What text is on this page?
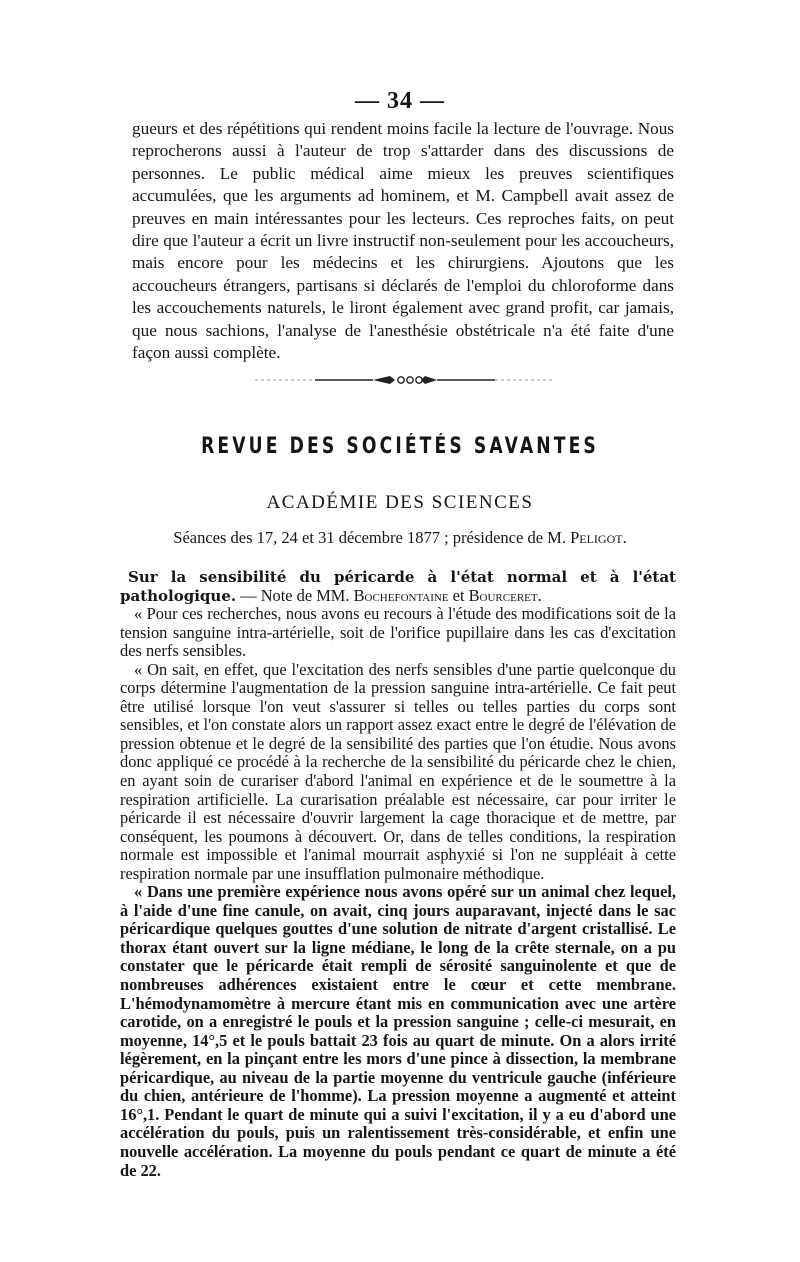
— 34 —

gueurs et des répétitions qui rendent moins facile la lecture de l'ouvrage. Nous reprocherons aussi à l'auteur de trop s'attarder dans des discussions de personnes. Le public médical aime mieux les preuves scientifiques accumulées, que les arguments ad hominem, et M. Campbell avait assez de preuves en main intéressantes pour les lecteurs. Ces reproches faits, on peut dire que l'auteur a écrit un livre instructif non-seulement pour les accoucheurs, mais encore pour les médecins et les chirurgiens. Ajoutons que les accoucheurs étrangers, partisans si déclarés de l'emploi du chloroforme dans les accouchements naturels, le liront également avec grand profit, car jamais, que nous sachions, l'analyse de l'anesthésie obstétricale n'a été faite d'une façon aussi complète.

REVUE DES SOCIÉTÉS SAVANTES
ACADÉMIE DES SCIENCES
Séances des 17, 24 et 31 décembre 1877 ; présidence de M. Peligot.

Sur la sensibilité du péricarde à l'état normal et à l'état pathologique. — Note de MM. Bochefontaine et Bourceret.

« Pour ces recherches, nous avons eu recours à l'étude des modifications soit de la tension sanguine intra-artérielle, soit de l'orifice pupillaire dans les cas d'excitation des nerfs sensibles.

« On sait, en effet, que l'excitation des nerfs sensibles d'une partie quelconque du corps détermine l'augmentation de la pression sanguine intra-artérielle. Ce fait peut être utilisé lorsque l'on veut s'assurer si telles ou telles parties du corps sont sensibles, et l'on constate alors un rapport assez exact entre le degré de l'élévation de pression obtenue et le degré de la sensibilité des parties que l'on étudie. Nous avons donc appliqué ce procédé à la recherche de la sensibilité du péricarde chez le chien, en ayant soin de curariser d'abord l'animal en expérience et de le soumettre à la respiration artificielle. La curarisation préalable est nécessaire, car pour irriter le péricarde il est nécessaire d'ouvrir largement la cage thoracique et de mettre, par conséquent, les poumons à découvert. Or, dans de telles conditions, la respiration normale est impossible et l'animal mourrait asphyxié si l'on ne suppléait à cette respiration normale par une insufflation pulmonaire méthodique.

« Dans une première expérience nous avons opéré sur un animal chez lequel, à l'aide d'une fine canule, on avait, cinq jours auparavant, injecté dans le sac péricardique quelques gouttes d'une solution de nitrate d'argent cristallisé. Le thorax étant ouvert sur la ligne médiane, le long de la crête sternale, on a pu constater que le péricarde était rempli de sérosité sanguinolente et que de nombreuses adhérences existaient entre le cœur et cette membrane. L'hémodynamomètre à mercure étant mis en communication avec une artère carotide, on a enregistré le pouls et la pression sanguine ; celle-ci mesurait, en moyenne, 14°,5 et le pouls battait 23 fois au quart de minute. On a alors irrité légèrement, en la pinçant entre les mors d'une pince à dissection, la membrane péricardique, au niveau de la partie moyenne du ventricule gauche (inférieure du chien, antérieure de l'homme). La pression moyenne a augmenté et atteint 16°,1. Pendant le quart de minute qui a suivi l'excitation, il y a eu d'abord une accélération du pouls, puis un ralentissement très-considérable, et enfin une nouvelle accélération. La moyenne du pouls pendant ce quart de minute a été de 22.
